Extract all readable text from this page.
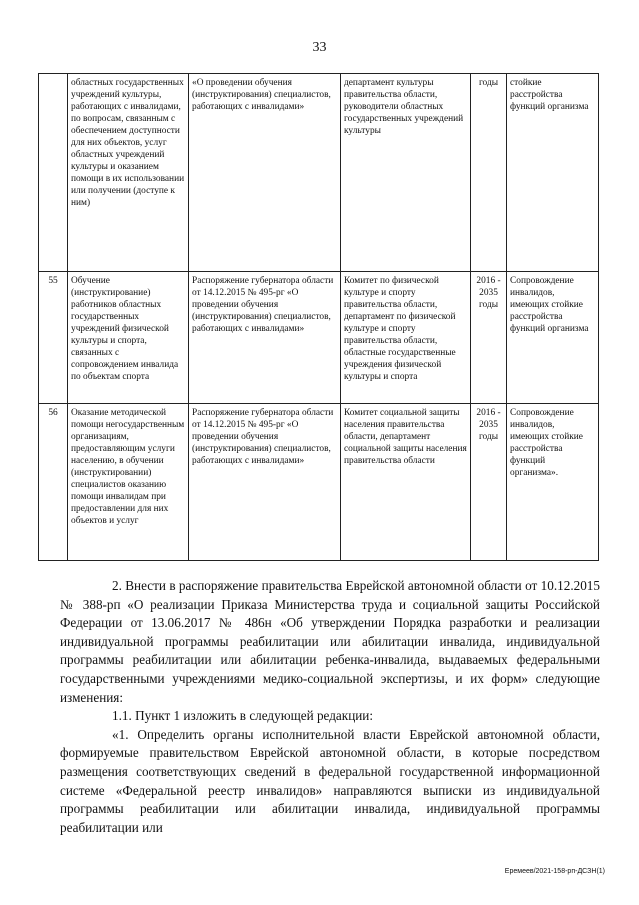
33
	областных государственных учреждений культуры, работающих с инвалидами, по вопросам, связанным с обеспечением доступности для них объектов, услуг областных учреждений культуры и оказанием помощи в их использовании или получении (доступе к ним)	«О проведении обучения (инструктирования) специалистов, работающих с инвалидами»	департамент культуры правительства области, руководители областных государственных учреждений культуры	годы	стойкие расстройства функций организма
55	Обучение (инструктирование) работников областных государственных учреждений физической культуры и спорта, связанных с сопровождением инвалида по объектам спорта	Распоряжение губернатора области от 14.12.2015 № 495-рг «О проведении обучения (инструктирования) специалистов, работающих с инвалидами»	Комитет по физической культуре и спорту правительства области, департамент по физической культуре и спорту правительства области, областные государственные учреждения физической культуры и спорта	2016 - 2035 годы	Сопровождение инвалидов, имеющих стойкие расстройства функций организма
56	Оказание методической помощи негосударственным организациям, предоставляющим услуги населению, в обучении (инструктировании) специалистов оказанию помощи инвалидам при предоставлении для них объектов и услуг	Распоряжение губернатора области от 14.12.2015 № 495-рг «О проведении обучения (инструктирования) специалистов, работающих с инвалидами»	Комитет социальной защиты населения правительства области, департамент социальной защиты населения правительства области	2016 - 2035 годы	Сопровождение инвалидов, имеющих стойкие расстройства функций организма».

2. Внести в распоряжение правительства Еврейской автономной области от 10.12.2015 № 388-рп «О реализации Приказа Министерства труда и социальной защиты Российской Федерации от 13.06.2017 № 486н «Об утверждении Порядка разработки и реализации индивидуальной программы реабилитации или абилитации инвалида, индивидуальной программы реабилитации или абилитации ребенка-инвалида, выдаваемых федеральными государственными учреждениями медико-социальной экспертизы, и их форм» следующие изменения:

1.1. Пункт 1 изложить в следующей редакции:

«1. Определить органы исполнительной власти Еврейской автономной области, формируемые правительством Еврейской автономной области, в которые посредством размещения соответствующих сведений в федеральной государственной информационной системе «Федеральной реестр инвалидов» направляются выписки из индивидуальной программы реабилитации или абилитации инвалида, индивидуальной программы реабилитации или

Еремеев/2021-158-рп-ДСЗН(1)
